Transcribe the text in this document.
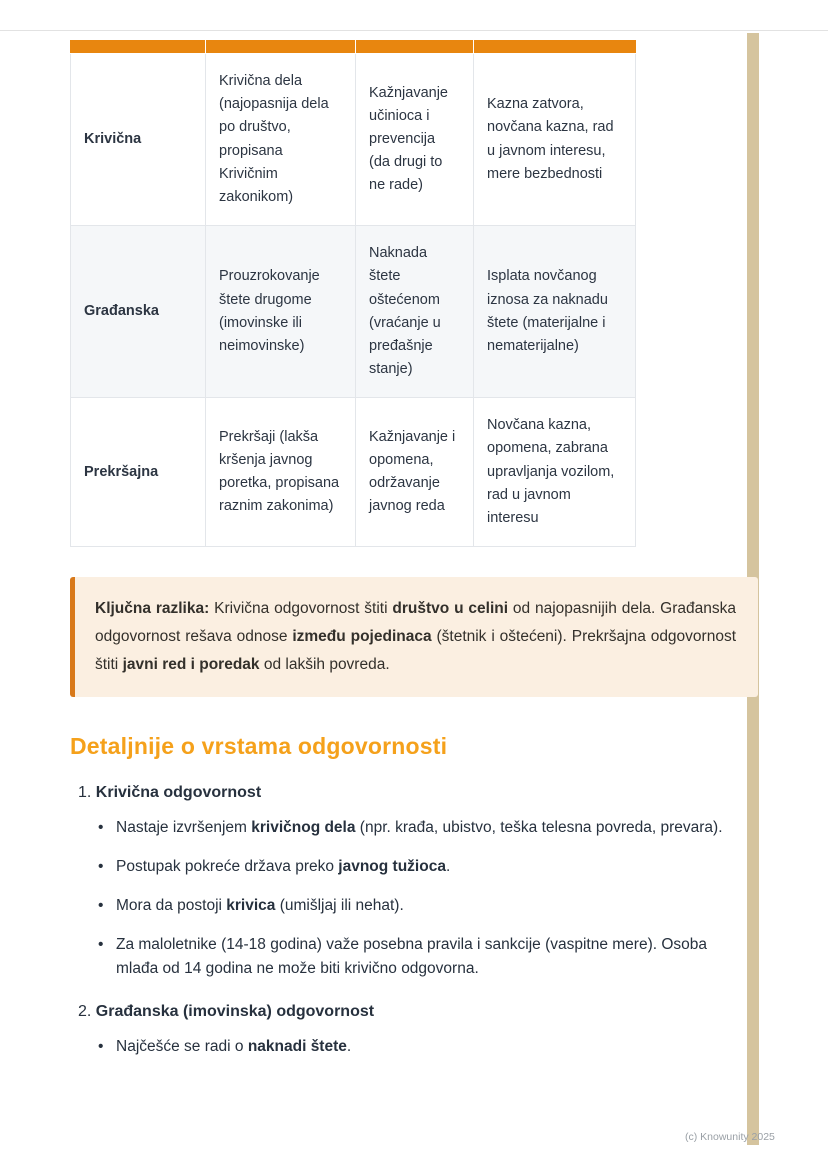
Krivična	Krivična dela (najopasnija dela po društvo, propisana Krivičnim zakonikom)	Kažnjavanje učinioca i prevencija (da drugi to ne rade)	Kazna zatvora, novčana kazna, rad u javnom interesu, mere bezbednosti
Građanska	Prouzrokovanje štete drugome (imovinske ili neimovinske)	Naknada štete oštećenom (vraćanje u pređašnje stanje)	Isplata novčanog iznosa za naknadu štete (materijalne i nematerijalne)
Prekršajna	Prekršaji (lakša kršenja javnog poretka, propisana raznim zakonima)	Kažnjavanje i opomena, održavanje javnog reda	Novčana kazna, opomena, zabrana upravljanja vozilom, rad u javnom interesu

Ključna razlika: Krivična odgovornost štiti društvo u celini od najopasnijih dela. Građanska odgovornost rešava odnose između pojedinaca (štetnik i oštećeni). Prekršajna odgovornost štiti javni red i poredak od lakših povreda.

Detaljnije o vrstama odgovornosti
1. Krivična odgovornost
• Nastaje izvršenjem krivičnog dela (npr. krađa, ubistvo, teška telesna povreda, prevara).
• Postupak pokreće država preko javnog tužioca.
• Mora da postoji krivica (umišljaj ili nehat).
• Za maloletnike (14-18 godina) važe posebna pravila i sankcije (vaspitne mere). Osoba mlađa od 14 godina ne može biti krivično odgovorna.
2. Građanska (imovinska) odgovornost
• Najčešće se radi o naknadi štete.
(c) Knowunity 2025
